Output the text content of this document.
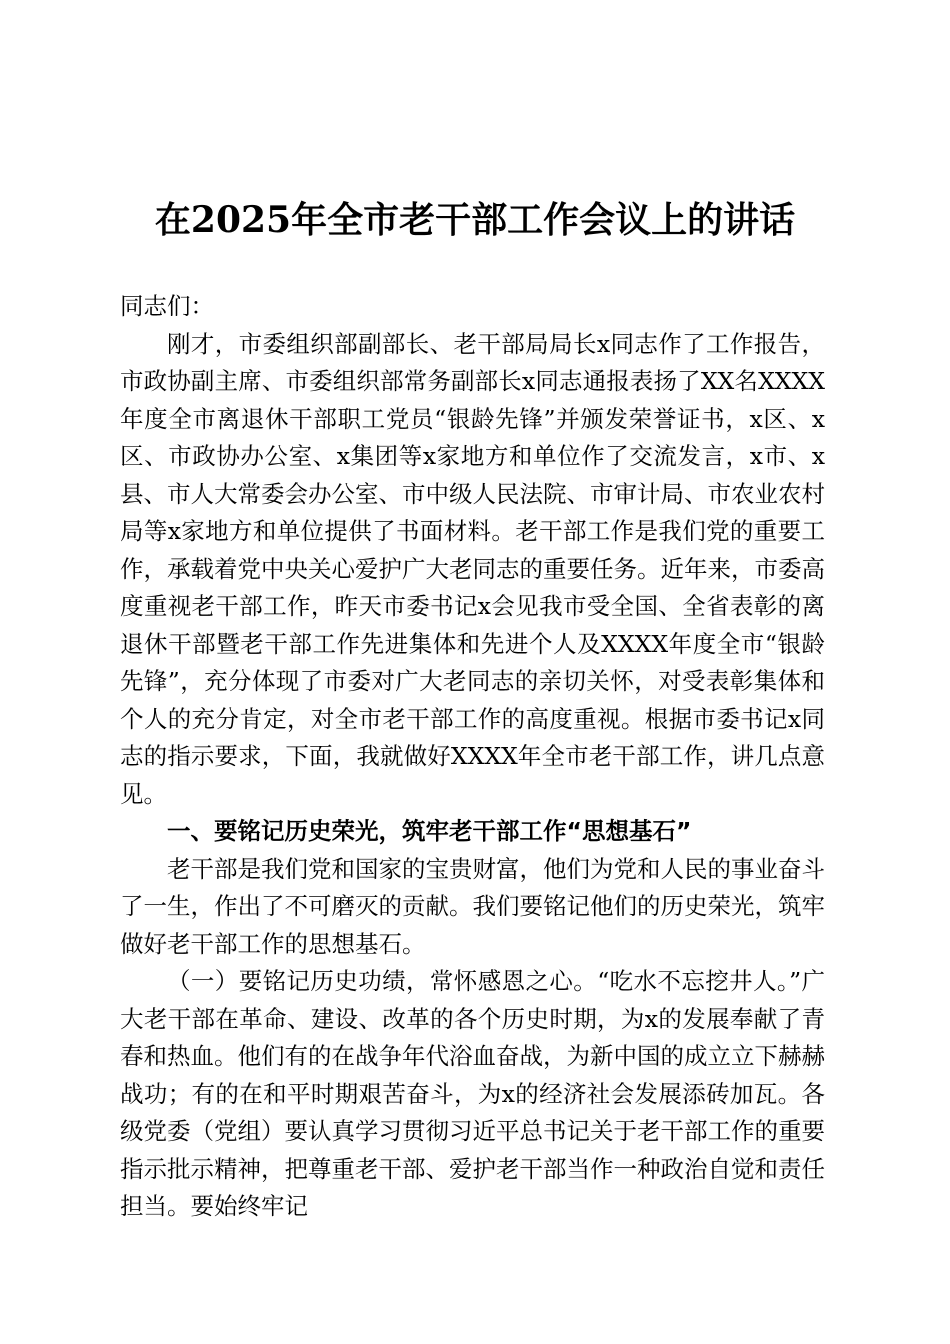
在2025年全市老干部工作会议上的讲话

同志们：

刚才，市委组织部副部长、老干部局局长x同志作了工作报告，市政协副主席、市委组织部常务副部长x同志通报表扬了XX名XXXX年度全市离退休干部职工党员“银龄先锋”并颁发荣誉证书，x区、x区、市政协办公室、x集团等x家地方和单位作了交流发言，x市、x县、市人大常委会办公室、市中级人民法院、市审计局、市农业农村局等x家地方和单位提供了书面材料。老干部工作是我们党的重要工作，承载着党中央关心爱护广大老同志的重要任务。近年来，市委高度重视老干部工作，昨天市委书记x会见我市受全国、全省表彰的离退休干部暨老干部工作先进集体和先进个人及XXXX年度全市“银龄先锋”，充分体现了市委对广大老同志的亲切关怀，对受表彰集体和个人的充分肯定，对全市老干部工作的高度重视。根据市委书记x同志的指示要求，下面，我就做好XXXX年全市老干部工作，讲几点意见。

一、要铭记历史荣光，筑牢老干部工作“思想基石”

老干部是我们党和国家的宝贵财富，他们为党和人民的事业奋斗了一生，作出了不可磨灭的贡献。我们要铭记他们的历史荣光，筑牢做好老干部工作的思想基石。

（一）要铭记历史功绩，常怀感恩之心。“吃水不忘挖井人。”广大老干部在革命、建设、改革的各个历史时期，为x的发展奉献了青春和热血。他们有的在战争年代浴血奋战，为新中国的成立立下赫赫战功；有的在和平时期艰苦奋斗，为x的经济社会发展添砖加瓦。各级党委（党组）要认真学习贯彻习近平总书记关于老干部工作的重要指示批示精神，把尊重老干部、爱护老干部当作一种政治自觉和责任担当。要始终牢记
